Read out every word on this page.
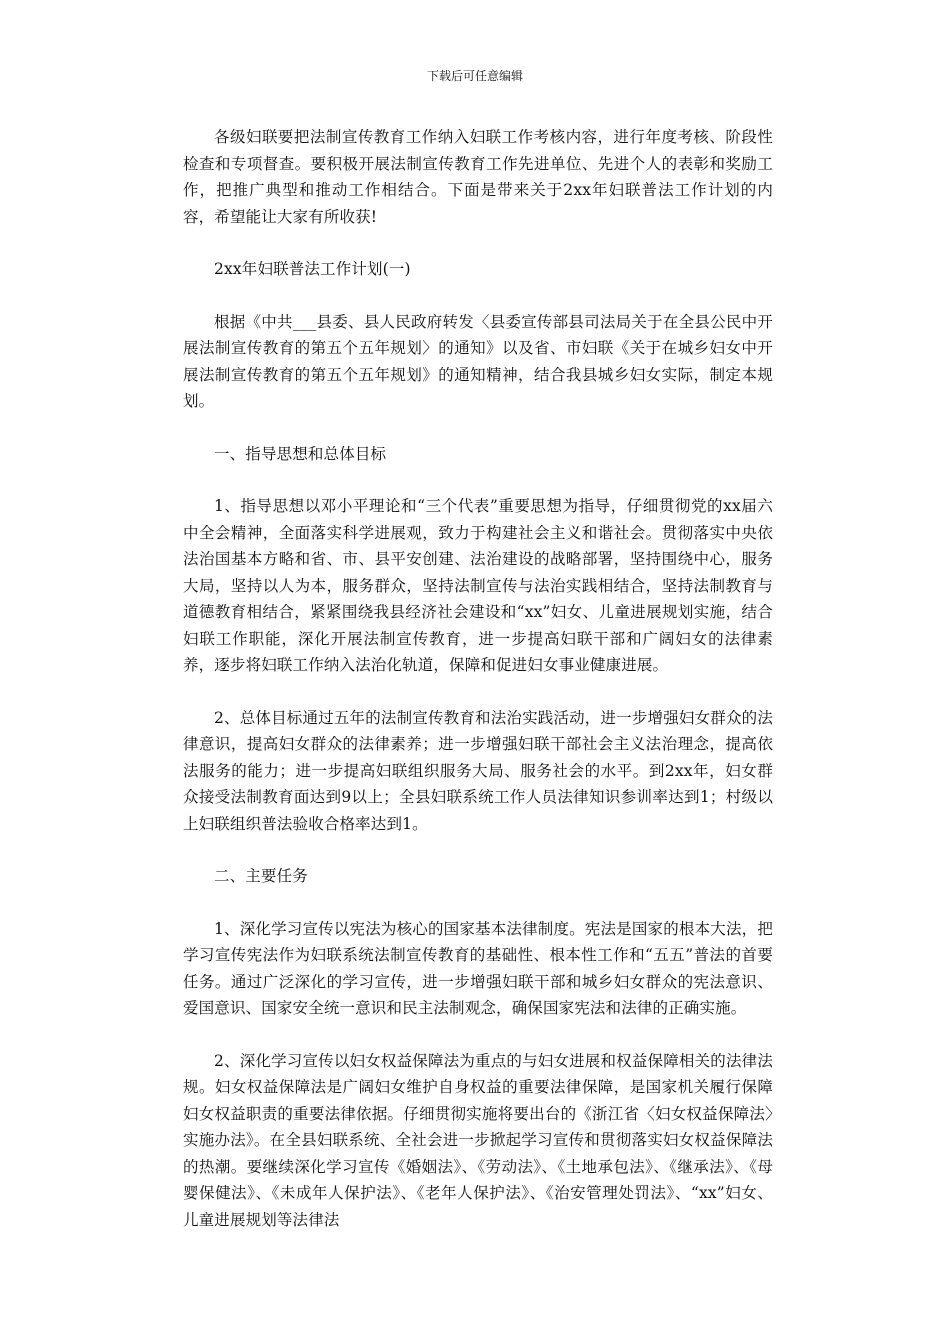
下载后可任意编辑

各级妇联要把法制宣传教育工作纳入妇联工作考核内容，进行年度考核、阶段性检查和专项督查。要积极开展法制宣传教育工作先进单位、先进个人的表彰和奖励工作，把推广典型和推动工作相结合。下面是带来关于2xx年妇联普法工作计划的内容，希望能让大家有所收获!

2xx年妇联普法工作计划(一)

根据《中共___县委、县人民政府转发〈县委宣传部县司法局关于在全县公民中开展法制宣传教育的第五个五年规划〉的通知》以及省、市妇联《关于在城乡妇女中开展法制宣传教育的第五个五年规划》的通知精神，结合我县城乡妇女实际，制定本规划。

一、指导思想和总体目标

1、指导思想以邓小平理论和“三个代表”重要思想为指导，仔细贯彻党的xx届六中全会精神，全面落实科学进展观，致力于构建社会主义和谐社会。贯彻落实中央依法治国基本方略和省、市、县平安创建、法治建设的战略部署，坚持围绕中心，服务大局，坚持以人为本，服务群众，坚持法制宣传与法治实践相结合，坚持法制教育与道德教育相结合，紧紧围绕我县经济社会建设和“xx”妇女、儿童进展规划实施，结合妇联工作职能，深化开展法制宣传教育，进一步提高妇联干部和广阔妇女的法律素养，逐步将妇联工作纳入法治化轨道，保障和促进妇女事业健康进展。

2、总体目标通过五年的法制宣传教育和法治实践活动，进一步增强妇女群众的法律意识，提高妇女群众的法律素养；进一步增强妇联干部社会主义法治理念，提高依法服务的能力；进一步提高妇联组织服务大局、服务社会的水平。到2xx年，妇女群众接受法制教育面达到9以上；全县妇联系统工作人员法律知识参训率达到1；村级以上妇联组织普法验收合格率达到1。

二、主要任务

1、深化学习宣传以宪法为核心的国家基本法律制度。宪法是国家的根本大法，把学习宣传宪法作为妇联系统法制宣传教育的基础性、根本性工作和“五五”普法的首要任务。通过广泛深化的学习宣传，进一步增强妇联干部和城乡妇女群众的宪法意识、爱国意识、国家安全统一意识和民主法制观念，确保国家宪法和法律的正确实施。

2、深化学习宣传以妇女权益保障法为重点的与妇女进展和权益保障相关的法律法规。妇女权益保障法是广阔妇女维护自身权益的重要法律保障，是国家机关履行保障妇女权益职责的重要法律依据。仔细贯彻实施将要出台的《浙江省〈妇女权益保障法〉实施办法》。在全县妇联系统、全社会进一步掀起学习宣传和贯彻落实妇女权益保障法的热潮。要继续深化学习宣传《婚姻法》、《劳动法》、《土地承包法》、《继承法》、《母婴保健法》、《未成年人保护法》、《老年人保护法》、《治安管理处罚法》、“xx”妇女、儿童进展规划等法律法
